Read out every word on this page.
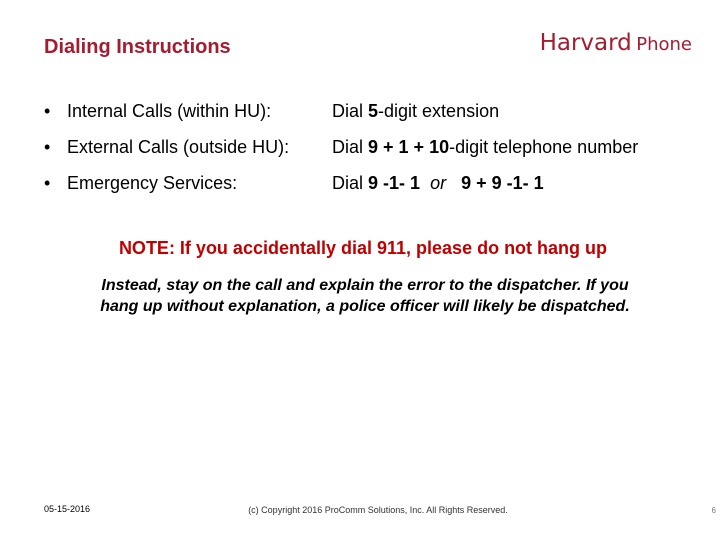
Dialing Instructions	Harvard Phone
• Internal Calls (within HU):	Dial 5-digit extension
• External Calls (outside HU): Dial 9 + 1 + 10-digit telephone number
• Emergency Services:	Dial 9 -1- 1 or 9 + 9 -1- 1
NOTE: If you accidentally dial 911, please do not hang up
Instead, stay on the call and explain the error to the dispatcher. If you
hang up without explanation, a police officer will likely be dispatched.
05-15-2016	(c) Copyright 2016 ProComm Solutions, Inc. All Rights Reserved.	6
